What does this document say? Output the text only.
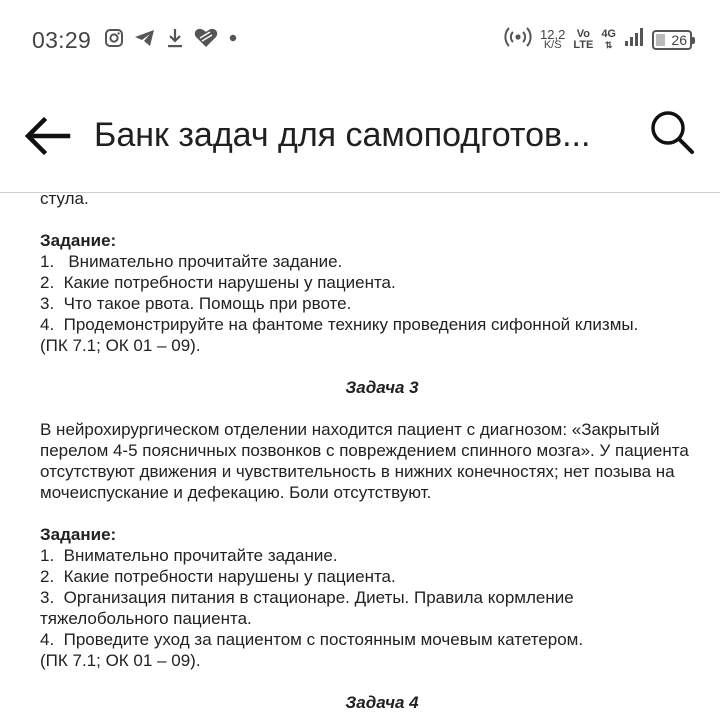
03:29	12,2
K/S
Vo
LTE
4G
⇅	26
Банк задач для самоподготов...

стула.

Задание:

1.   Внимательно прочитайте задание.

2.  Какие потребности нарушены у пациента.

3.  Что такое рвота. Помощь при рвоте.

4.  Продемонстрируйте на фантоме технику проведения сифонной клизмы.

(ПК 7.1; ОК 01 – 09).

Задача 3

В нейрохирургическом отделении находится пациент с диагнозом: «Закрытый

перелом 4-5 поясничных позвонков с повреждением спинного мозга». У пациента

отсутствуют движения и чувствительность в нижних конечностях; нет позыва на

мочеиспускание и дефекацию. Боли отсутствуют.

Задание:

1.  Внимательно прочитайте задание.

2.  Какие потребности нарушены у пациента.

3.  Организация питания в стационаре. Диеты. Правила кормление

тяжелобольного пациента.

4.  Проведите уход за пациентом с постоянным мочевым катетером.

(ПК 7.1; ОК 01 – 09).

Задача 4
